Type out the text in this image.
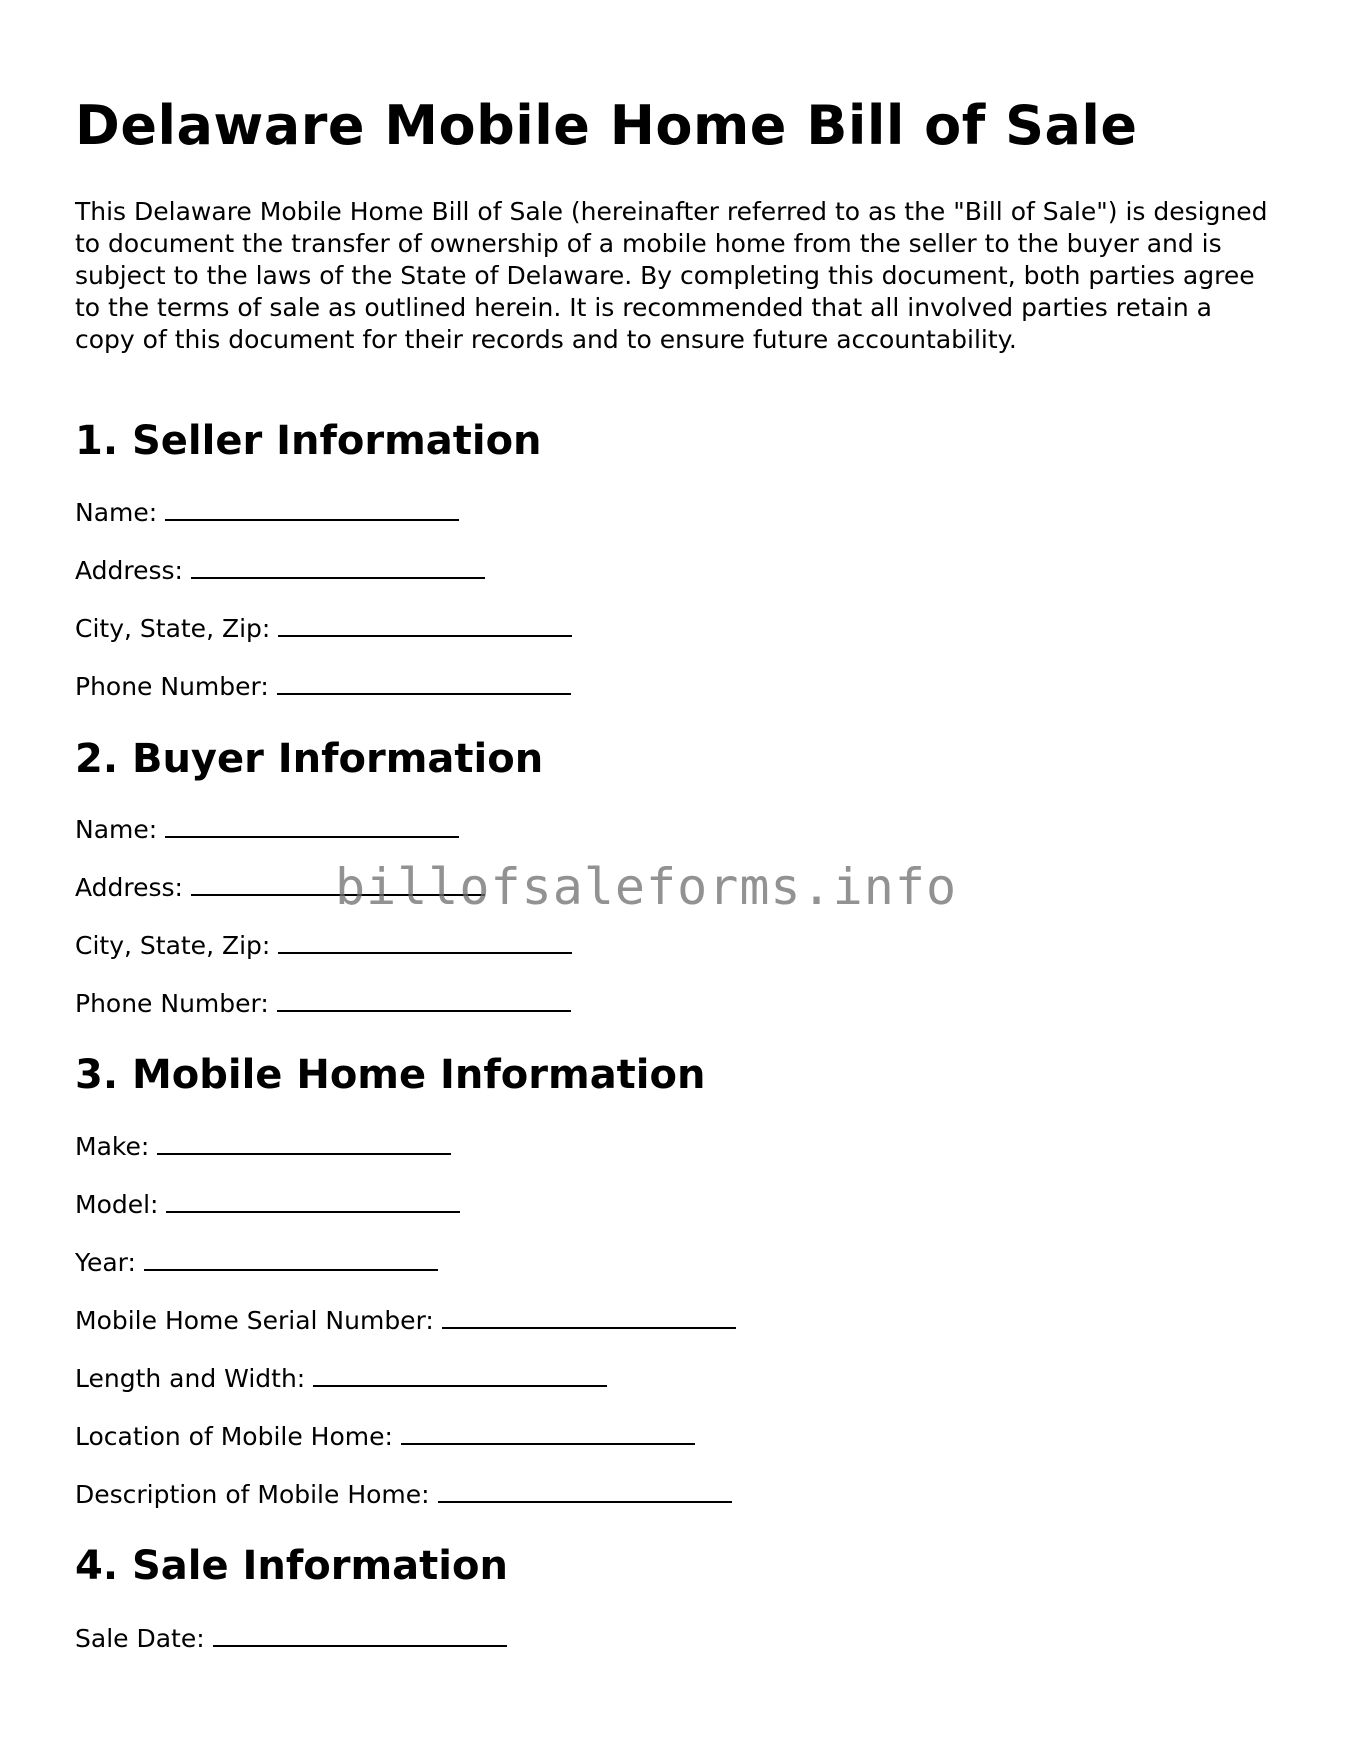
Delaware Mobile Home Bill of Sale

This Delaware Mobile Home Bill of Sale (hereinafter referred to as the "Bill of Sale") is designed to document the transfer of ownership of a mobile home from the seller to the buyer and is subject to the laws of the State of Delaware. By completing this document, both parties agree to the terms of sale as outlined herein. It is recommended that all involved parties retain a copy of this document for their records and to ensure future accountability.

1. Seller Information
Name:
Address:
City, State, Zip:
Phone Number:
2. Buyer Information
Name:
Address:
City, State, Zip:
Phone Number:
3. Mobile Home Information
Make:
Model:
Year:
Mobile Home Serial Number:
Length and Width:
Location of Mobile Home:
Description of Mobile Home:
4. Sale Information
Sale Date:
billofsaleforms.info
